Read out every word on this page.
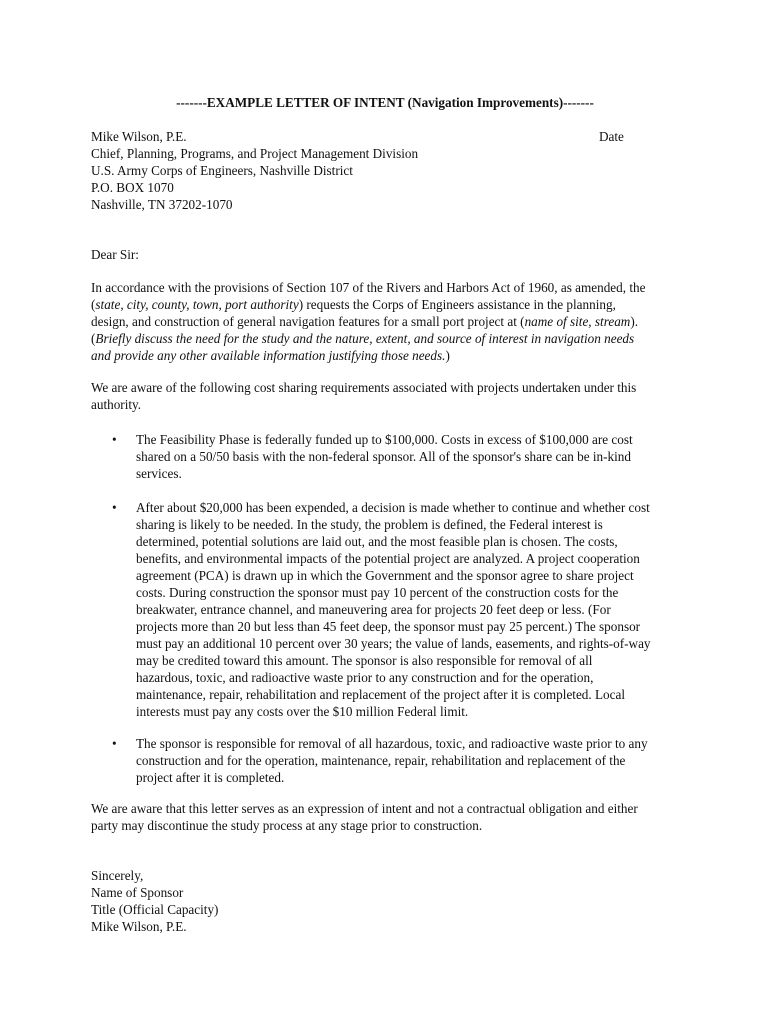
-------EXAMPLE LETTER OF INTENT (Navigation Improvements)-------
Mike Wilson, P.E.
Chief, Planning, Programs, and Project Management Division
U.S. Army Corps of Engineers, Nashville District
P.O. BOX 1070
Nashville, TN 37202-1070
Date
Dear Sir:

In accordance with the provisions of Section 107 of the Rivers and Harbors Act of 1960, as amended, the
(state, city, county, town, port authority) requests the Corps of Engineers assistance in the planning,
design, and construction of general navigation features for a small port project at (name of site, stream).
(Briefly discuss the need for the study and the nature, extent, and source of interest in navigation needs
and provide any other available information justifying those needs.)

We are aware of the following cost sharing requirements associated with projects undertaken under this
authority.

• The Feasibility Phase is federally funded up to $100,000. Costs in excess of $100,000 are cost
shared on a 50/50 basis with the non-federal sponsor. All of the sponsor's share can be in-kind
services.
• After about $20,000 has been expended, a decision is made whether to continue and whether cost
sharing is likely to be needed. In the study, the problem is defined, the Federal interest is
determined, potential solutions are laid out, and the most feasible plan is chosen. The costs,
benefits, and environmental impacts of the potential project are analyzed. A project cooperation
agreement (PCA) is drawn up in which the Government and the sponsor agree to share project
costs. During construction the sponsor must pay 10 percent of the construction costs for the
breakwater, entrance channel, and maneuvering area for projects 20 feet deep or less. (For
projects more than 20 but less than 45 feet deep, the sponsor must pay 25 percent.) The sponsor
must pay an additional 10 percent over 30 years; the value of lands, easements, and rights-of-way
may be credited toward this amount. The sponsor is also responsible for removal of all
hazardous, toxic, and radioactive waste prior to any construction and for the operation,
maintenance, repair, rehabilitation and replacement of the project after it is completed. Local
interests must pay any costs over the $10 million Federal limit.
• The sponsor is responsible for removal of all hazardous, toxic, and radioactive waste prior to any
construction and for the operation, maintenance, repair, rehabilitation and replacement of the
project after it is completed.

We are aware that this letter serves as an expression of intent and not a contractual obligation and either
party may discontinue the study process at any stage prior to construction.

Sincerely,
Name of Sponsor
Title (Official Capacity)
Mike Wilson, P.E.
